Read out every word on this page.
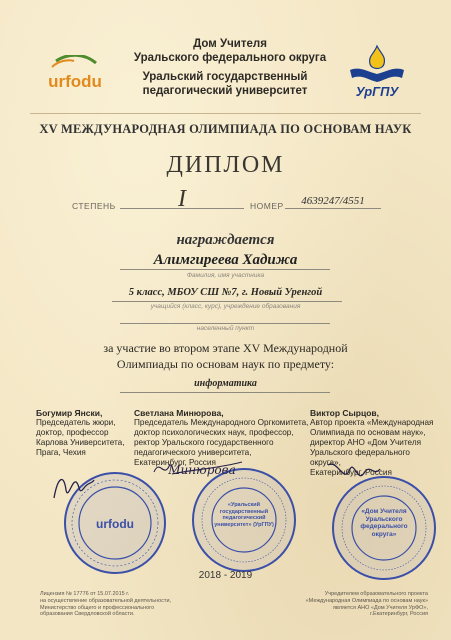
Дом Учителя
Уральского федерального округа
Уральский государственный
педагогический университет
urfodu
УрГПУ
XV МЕЖДУНАРОДНАЯ ОЛИМПИАДА ПО ОСНОВАМ НАУК
ДИПЛОМ
СТЕПЕНЬ	I	НОМЕР	4639247/4551
награждается
Алимгиреева Хадижа
Фамилия, имя участника
5 класс, МБОУ СШ №7, г. Новый Уренгой
учащийся (класс, курс), учреждение образования
населенный пункт
за участие во втором этапе XV Международной
Олимпиады по основам наук по предмету:
информатика
Богумир Янски,
Председатель жюри,
доктор, профессор
Карлова Университета,
Прага, Чехия
Светлана Минюрова,
Председатель Международного Оргкомитета,
доктор психологических наук, профессор,
ректор Уральского государственного
педагогического университета,
Екатеринбург, Россия
Виктор Сырцов,
Автор проекта «Международная
Олимпиада по основам наук»,
директор АНО «Дом Учителя
Уральского федерального округа»,
Екатеринбург, Россия
urfodu
«Уральский государственный педагогический университет» (УрГПУ)
«Дом Учителя Уральского федерального округа»
Минюрова
2018 - 2019
Лицензия № 17776 от 15.07.2015 г.
на осуществление образовательной деятельности,
Министерство общего и профессионального
образования Свердловской области.
Учредителем образовательного проекта
«Международная Олимпиада по основам наук»
является АНО «Дом Учителя УрФО»,
г.Екатеринбург, Россия
